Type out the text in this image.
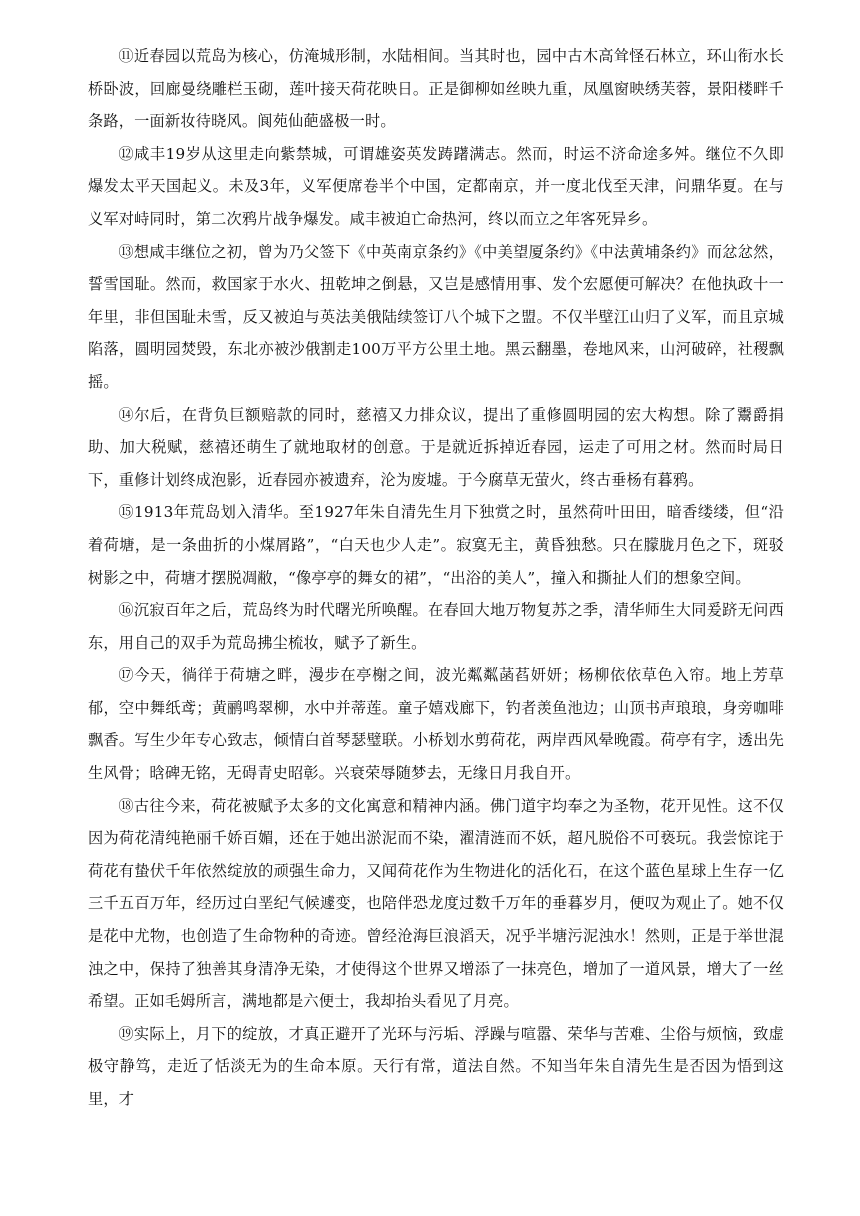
⑪近春园以荒岛为核心，仿淹城形制，水陆相间。当其时也，园中古木高耸怪石林立，环山衔水长桥卧波，回廊曼绕雕栏玉砌，莲叶接天荷花映日。正是御柳如丝映九重，凤凰窗映绣芙蓉，景阳楼畔千条路，一面新妆待晓风。阆苑仙葩盛极一时。

⑫咸丰19岁从这里走向紫禁城，可谓雄姿英发踌躇满志。然而，时运不济命途多舛。继位不久即爆发太平天国起义。未及3年，义军便席卷半个中国，定都南京，并一度北伐至天津，问鼎华夏。在与义军对峙同时，第二次鸦片战争爆发。咸丰被迫亡命热河，终以而立之年客死异乡。

⑬想咸丰继位之初，曾为乃父签下《中英南京条约》《中美望厦条约》《中法黄埔条约》而忿忿然，誓雪国耻。然而，救国家于水火、扭乾坤之倒悬，又岂是感情用事、发个宏愿便可解决？在他执政十一年里，非但国耻未雪，反又被迫与英法美俄陆续签订八个城下之盟。不仅半壁江山归了义军，而且京城陷落，圆明园焚毁，东北亦被沙俄割走100万平方公里土地。黑云翻墨，卷地风来，山河破碎，社稷飘摇。

⑭尔后，在背负巨额赔款的同时，慈禧又力排众议，提出了重修圆明园的宏大构想。除了鬻爵捐助、加大税赋，慈禧还萌生了就地取材的创意。于是就近拆掉近春园，运走了可用之材。然而时局日下，重修计划终成泡影，近春园亦被遗弃，沦为废墟。于今腐草无萤火，终古垂杨有暮鸦。

⑮1913年荒岛划入清华。至1927年朱自清先生月下独赏之时，虽然荷叶田田，暗香缕缕，但“沿着荷塘，是一条曲折的小煤屑路”，“白天也少人走”。寂寞无主，黄昏独愁。只在朦胧月色之下，斑驳树影之中，荷塘才摆脱凋敝，“像亭亭的舞女的裙”，“出浴的美人”，撞入和撕扯人们的想象空间。

⑯沉寂百年之后，荒岛终为时代曙光所唤醒。在春回大地万物复苏之季，清华师生大同爰跻无问西东，用自己的双手为荒岛拂尘梳妆，赋予了新生。

⑰今天，徜徉于荷塘之畔，漫步在亭榭之间，波光粼粼菡萏妍妍；杨柳依依草色入帘。地上芳草郁，空中舞纸鸢；黄鹂鸣翠柳，水中并蒂莲。童子嬉戏廊下，钓者羡鱼池边；山顶书声琅琅，身旁咖啡飘香。写生少年专心致志，倾情白首琴瑟璧联。小桥划水剪荷花，两岸西风晕晚霞。荷亭有字，透出先生风骨；晗碑无铭，无碍青史昭彰。兴衰荣辱随梦去，无缘日月我自开。

⑱古往今来，荷花被赋予太多的文化寓意和精神内涵。佛门道宇均奉之为圣物，花开见性。这不仅因为荷花清纯艳丽千娇百媚，还在于她出淤泥而不染，濯清涟而不妖，超凡脱俗不可亵玩。我尝惊诧于荷花有蛰伏千年依然绽放的顽强生命力，又闻荷花作为生物进化的活化石，在这个蓝色星球上生存一亿三千五百万年，经历过白垩纪气候遽变，也陪伴恐龙度过数千万年的垂暮岁月，便叹为观止了。她不仅是花中尤物，也创造了生命物种的奇迹。曾经沧海巨浪滔天，况乎半塘污泥浊水！然则，正是于举世混浊之中，保持了独善其身清净无染，才使得这个世界又增添了一抹亮色，增加了一道风景，增大了一丝希望。正如毛姆所言，满地都是六便士，我却抬头看见了月亮。

⑲实际上，月下的绽放，才真正避开了光环与污垢、浮躁与喧嚣、荣华与苦难、尘俗与烦恼，致虚极守静笃，走近了恬淡无为的生命本原。天行有常，道法自然。不知当年朱自清先生是否因为悟到这里，才
